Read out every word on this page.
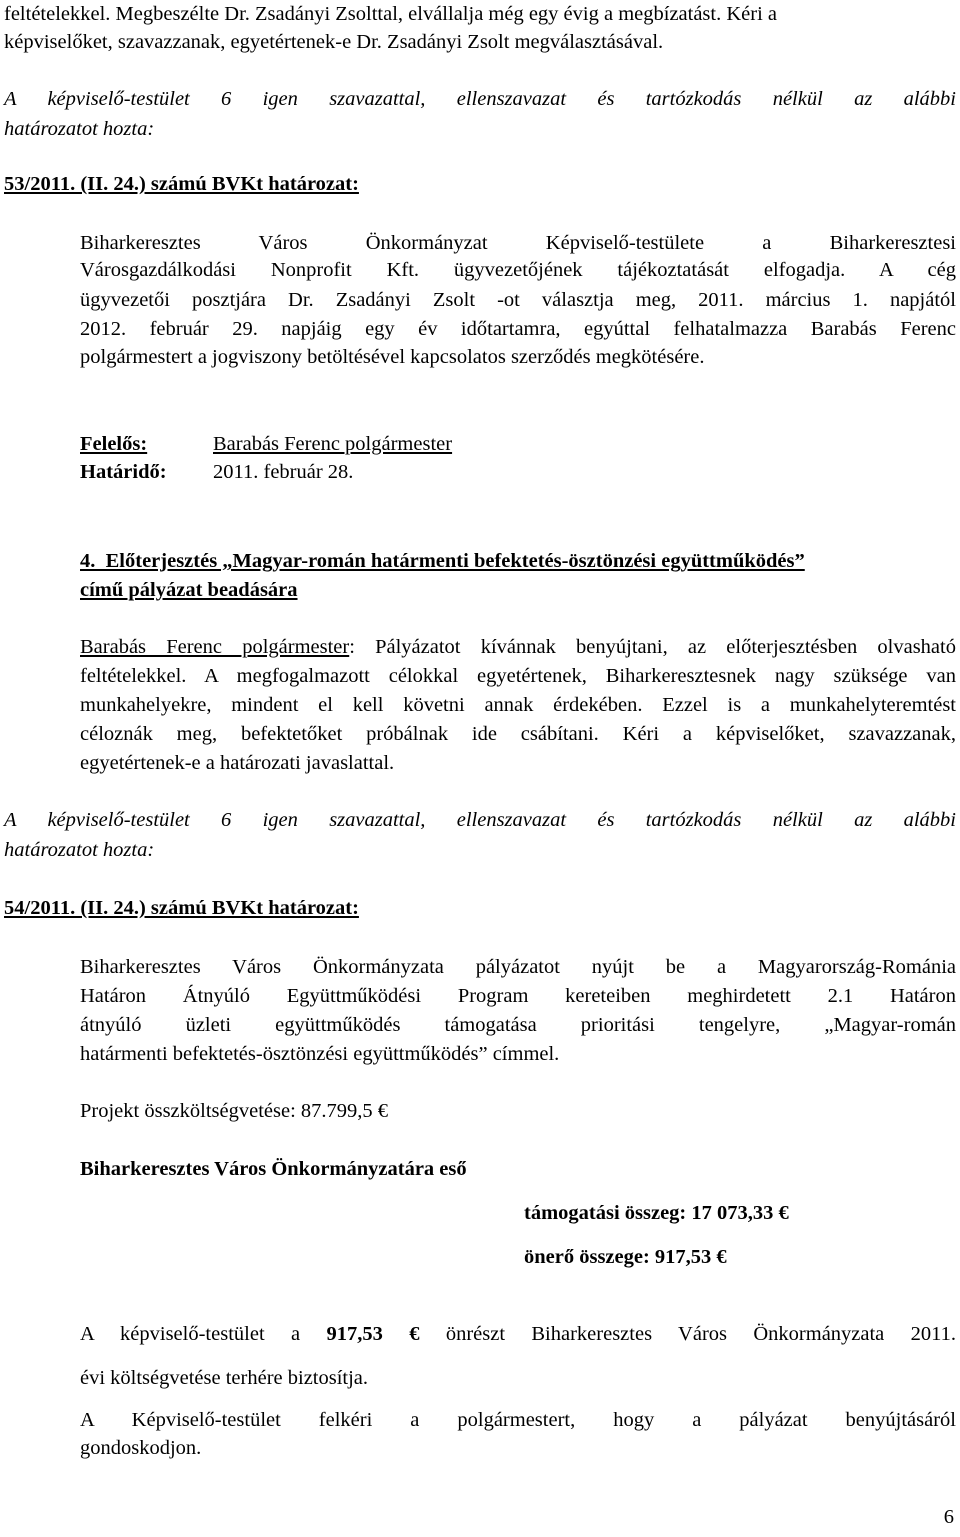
feltételekkel. Megbeszélte Dr. Zsadányi Zsolttal, elvállalja még egy évig a megbízatást. Kéri a
képviselőket, szavazzanak, egyetértenek-e Dr. Zsadányi Zsolt megválasztásával.
A képviselő-testület 6 igen szavazattal, ellenszavazat és tartózkodás nélkül az alábbi
határozatot hozta:
53/2011. (II. 24.) számú BVKt határozat:
Biharkeresztes Város Önkormányzat Képviselő-testülete a Biharkeresztesi
Városgazdálkodási Nonprofit Kft. ügyvezetőjének tájékoztatását elfogadja. A cég
ügyvezetői posztjára Dr. Zsadányi Zsolt -ot választja meg, 2011. március 1. napjától
2012. február 29. napjáig egy év időtartamra, egyúttal felhatalmazza Barabás Ferenc
polgármestert a jogviszony betöltésével kapcsolatos szerződés megkötésére.
Felelős:	Barabás Ferenc polgármester
Határidő: 2011. február 28.
4.  Előterjesztés „Magyar-román határmenti befektetés-ösztönzési együttműködés”
című pályázat beadására
Barabás Ferenc polgármester: Pályázatot kívánnak benyújtani, az előterjesztésben olvasható
feltételekkel. A megfogalmazott célokkal egyetértenek, Biharkeresztesnek nagy szüksége van
munkahelyekre, mindent el kell követni annak érdekében. Ezzel is a munkahelyteremtést
céloznák meg, befektetőket próbálnak ide csábítani. Kéri a képviselőket, szavazzanak,
egyetértenek-e a határozati javaslattal.
A képviselő-testület 6 igen szavazattal, ellenszavazat és tartózkodás nélkül az alábbi
határozatot hozta:
54/2011. (II. 24.) számú BVKt határozat:
Biharkeresztes Város Önkormányzata pályázatot nyújt be a Magyarország-Románia
Határon Átnyúló Együttműködési Program kereteiben meghirdetett 2.1 Határon
átnyúló üzleti együttműködés támogatása prioritási tengelyre, „Magyar-román
határmenti befektetés-ösztönzési együttműködés” címmel.
Projekt összköltségvetése: 87.799,5 €
Biharkeresztes Város Önkormányzatára eső
támogatási összeg: 17 073,33 €
önerő összege: 917,53 €
A képviselő-testület a 917,53 € önrészt Biharkeresztes Város Önkormányzata 2011.
évi költségvetése terhére biztosítja.
A Képviselő-testület felkéri a polgármestert, hogy a pályázat benyújtásáról
gondoskodjon.
6
